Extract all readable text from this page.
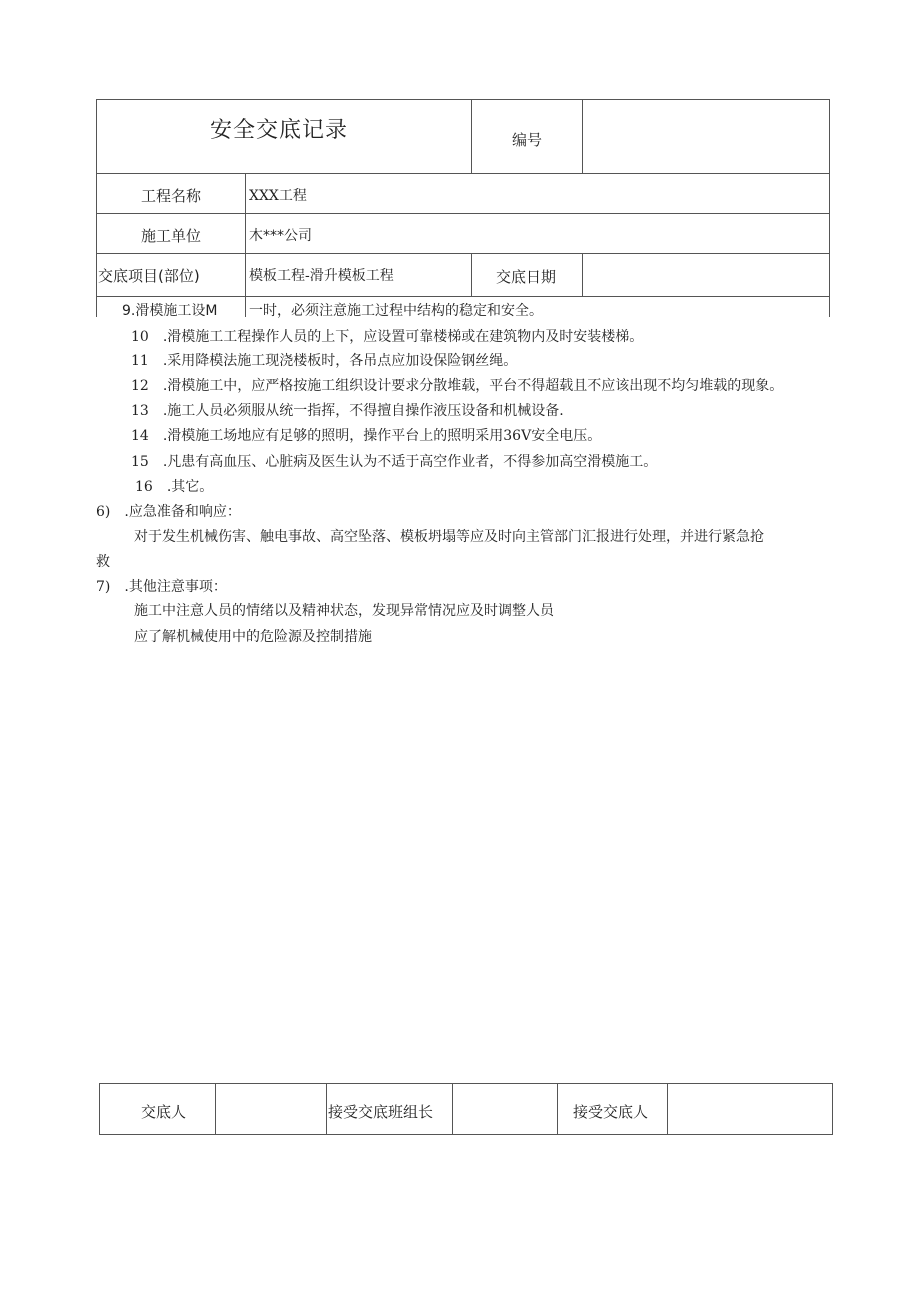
安全交底记录	编号
工程名称	XXX工程
施工单位	木***公司
交底项目(部位)	模板工程-滑升模板工程	交底日期
9.滑模施工设M 一时，必须注意施工过程中结构的稳定和安全。
10　.滑模施工工程操作人员的上下，应设置可靠楼梯或在建筑物内及时安装楼梯。
11　.采用降模法施工现浇楼板时，各吊点应加设保险钢丝绳。
12　.滑模施工中，应严格按施工组织设计要求分散堆载，平台不得超载且不应该出现不均匀堆载的现象。
13　.施工人员必须服从统一指挥，不得擅自操作液压设备和机械设备.
14　.滑模施工场地应有足够的照明，操作平台上的照明采用36V安全电压。
15　.凡患有高血压、心脏病及医生认为不适于高空作业者，不得参加高空滑模施工。
16　.其它。
6)　.应急准备和响应：
对于发生机械伤害、触电事故、高空坠落、模板坍塌等应及时向主管部门汇报进行处理，并进行紧急抢
救
7)　.其他注意事项：
施工中注意人员的情绪以及精神状态，发现异常情况应及时调整人员
应了解机械使用中的危险源及控制措施
交底人	接受交底班组长	接受交底人
